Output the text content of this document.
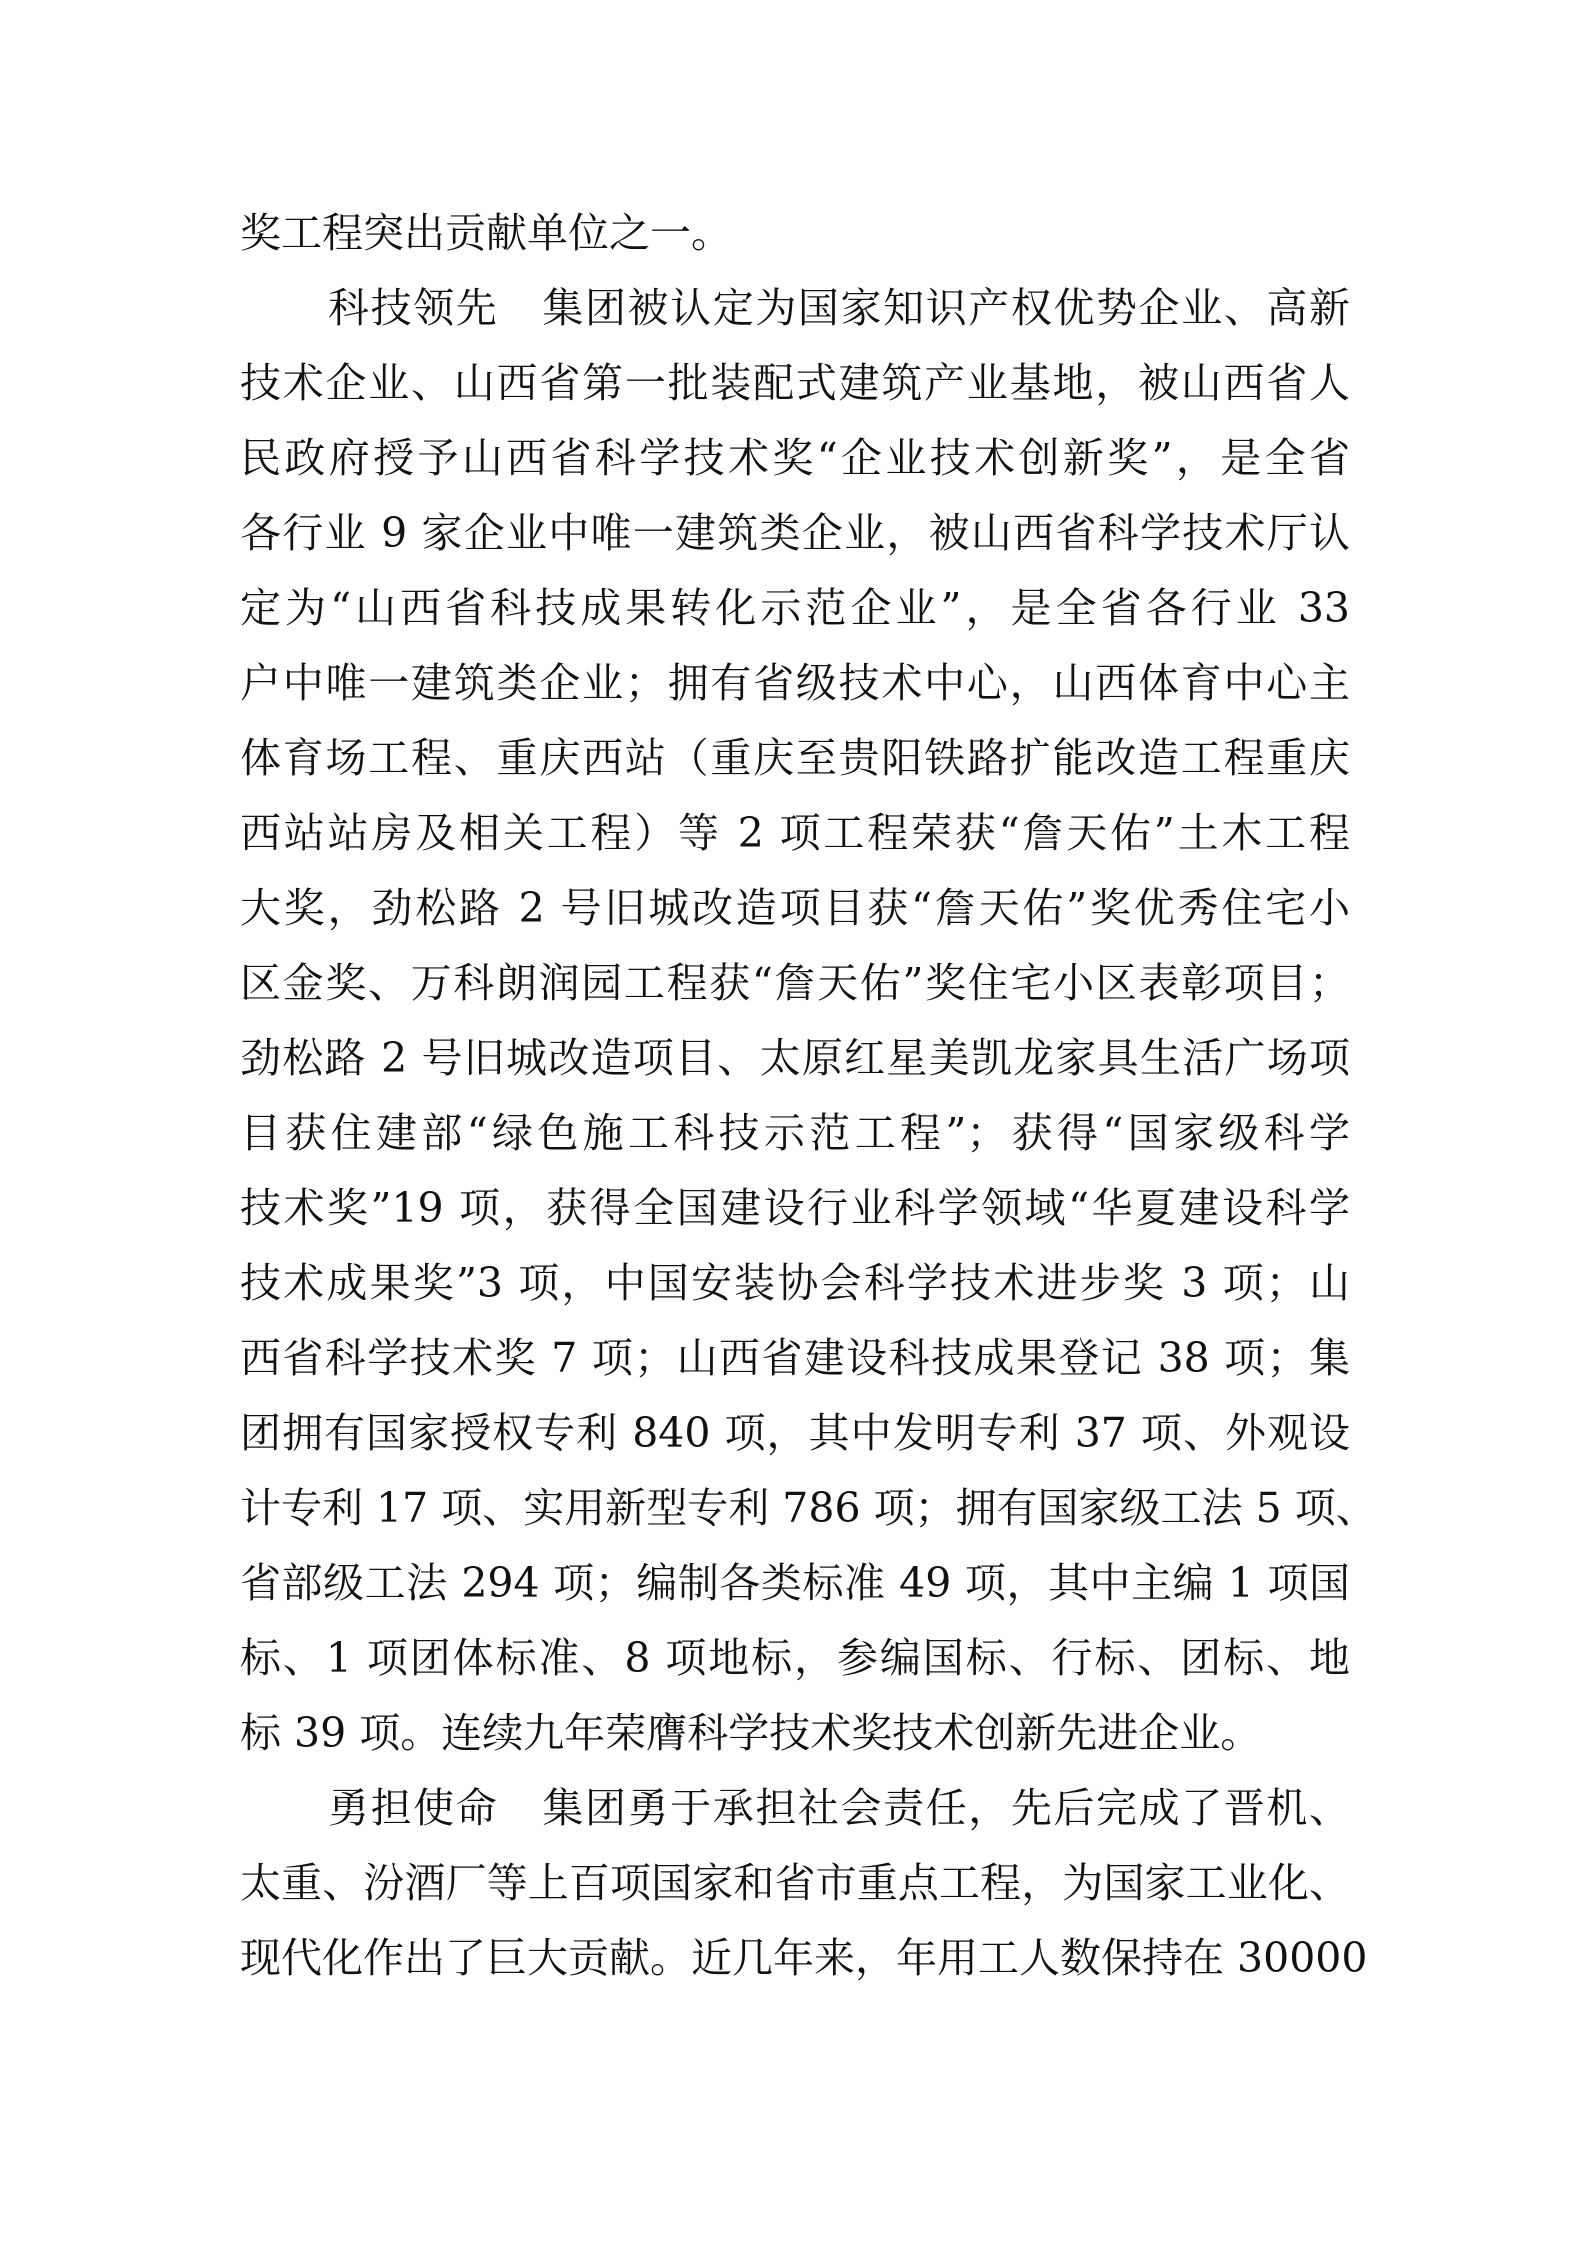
奖工程突出贡献单位之一。
科技领先 集团被认定为国家知识产权优势企业、高新
技术企业、山西省第一批装配式建筑产业基地，被山西省人
民政府授予山西省科学技术奖“企业技术创新奖”，是全省
各行业 9 家企业中唯一建筑类企业，被山西省科学技术厅认
定为“山西省科技成果转化示范企业”，是全省各行业 33
户中唯一建筑类企业；拥有省级技术中心，山西体育中心主
体育场工程、重庆西站（重庆至贵阳铁路扩能改造工程重庆
西站站房及相关工程）等 2 项工程荣获“詹天佑”土木工程
大奖，劲松路 2 号旧城改造项目获“詹天佑”奖优秀住宅小
区金奖、万科朗润园工程获“詹天佑”奖住宅小区表彰项目；
劲松路 2 号旧城改造项目、太原红星美凯龙家具生活广场项
目获住建部“绿色施工科技示范工程”；获得“国家级科学
技术奖”19 项，获得全国建设行业科学领域“华夏建设科学
技术成果奖”3 项，中国安装协会科学技术进步奖 3 项；山
西省科学技术奖 7 项；山西省建设科技成果登记 38 项；集
团拥有国家授权专利 840 项，其中发明专利 37 项、外观设
计专利 17 项、实用新型专利 786 项；拥有国家级工法 5 项、
省部级工法 294 项；编制各类标准 49 项，其中主编 1 项国
标、1 项团体标准、8 项地标，参编国标、行标、团标、地
标 39 项。连续九年荣膺科学技术奖技术创新先进企业。
勇担使命 集团勇于承担社会责任，先后完成了晋机、
太重、汾酒厂等上百项国家和省市重点工程，为国家工业化、
现代化作出了巨大贡献。近几年来，年用工人数保持在 30000
